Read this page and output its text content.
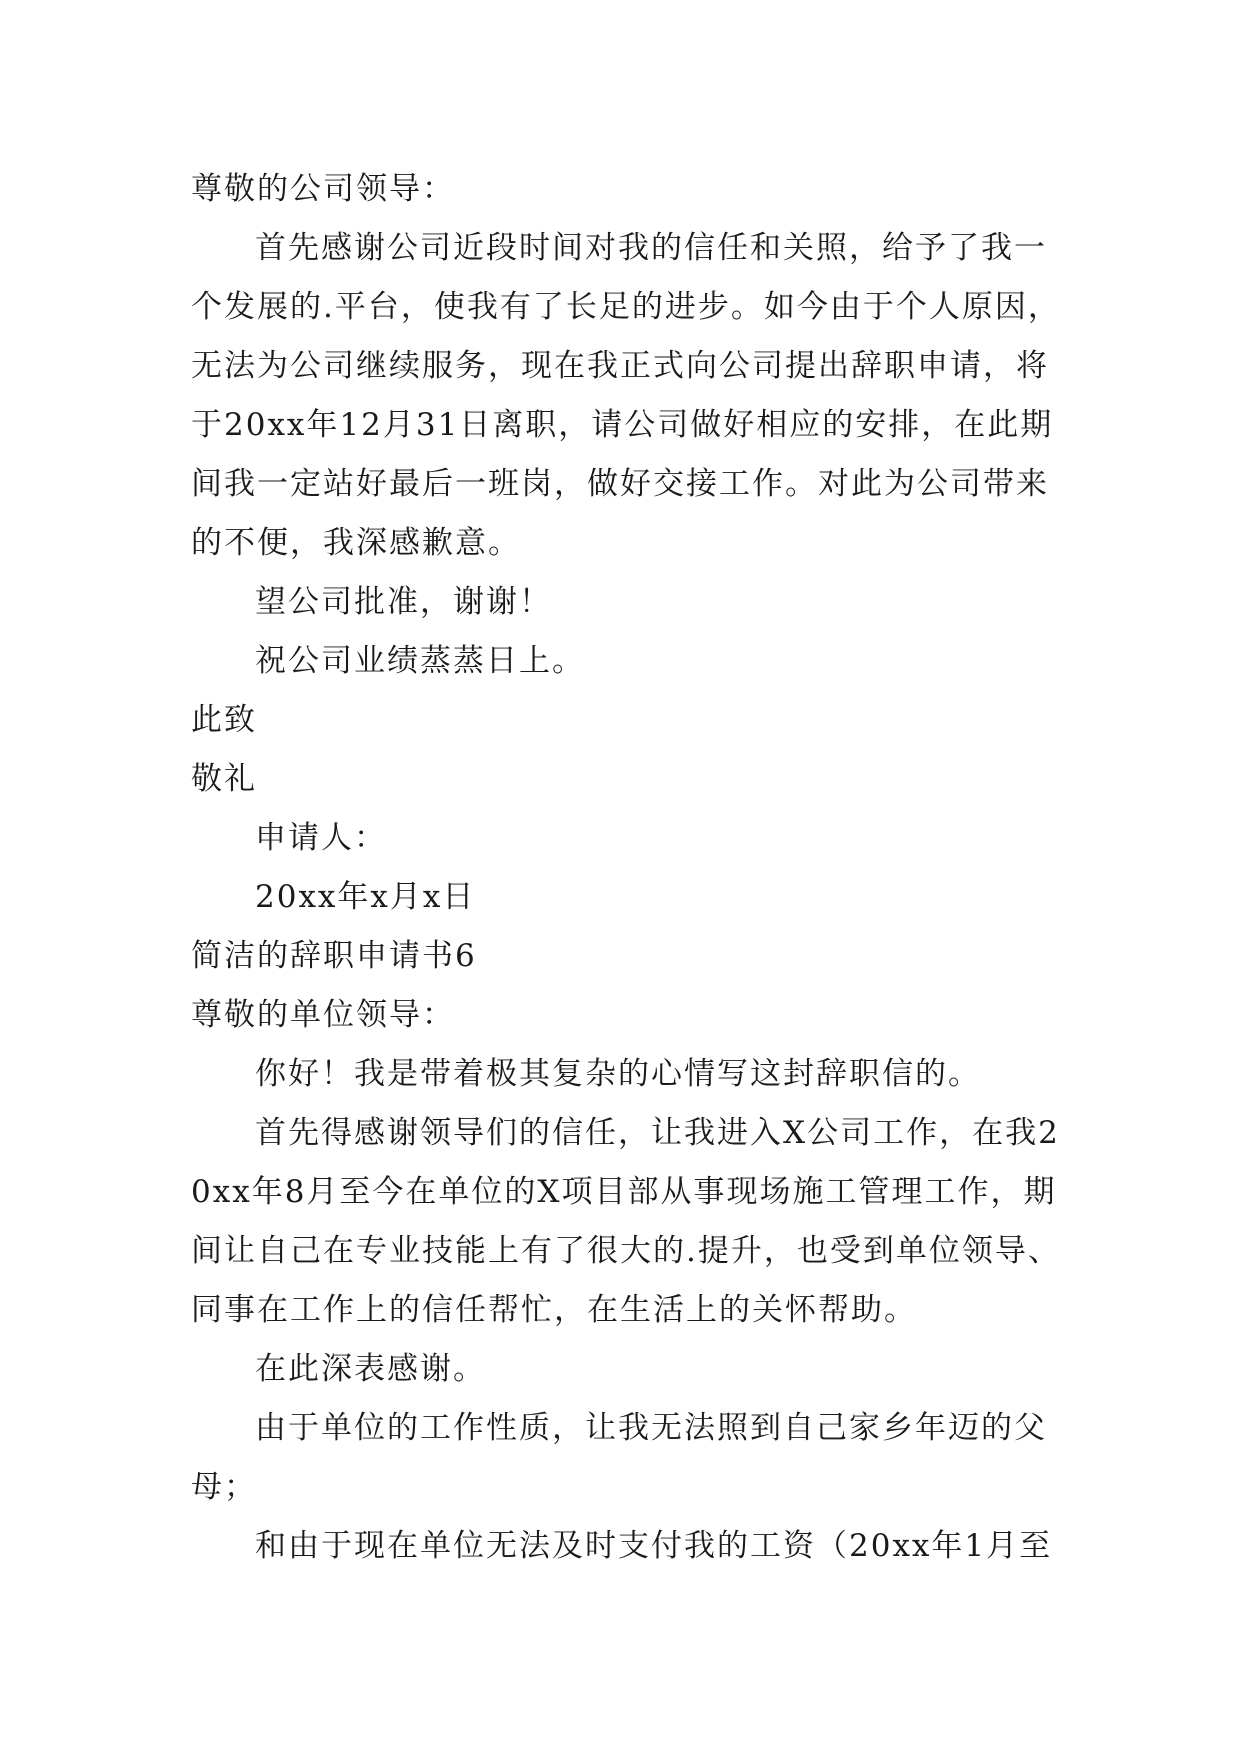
尊敬的公司领导：

首先感谢公司近段时间对我的信任和关照，给予了我一个发展的.平台，使我有了长足的进步。如今由于个人原因，无法为公司继续服务，现在我正式向公司提出辞职申请，将于20xx年12月31日离职，请公司做好相应的安排，在此期间我一定站好最后一班岗，做好交接工作。对此为公司带来的不便，我深感歉意。

望公司批准，谢谢！

祝公司业绩蒸蒸日上。

此致

敬礼

申请人：

20xx年x月x日

简洁的辞职申请书6

尊敬的单位领导：

你好！我是带着极其复杂的心情写这封辞职信的。

首先得感谢领导们的信任，让我进入X公司工作，在我20xx年8月至今在单位的X项目部从事现场施工管理工作，期间让自己在专业技能上有了很大的.提升，也受到单位领导、同事在工作上的信任帮忙，在生活上的关怀帮助。

在此深表感谢。

由于单位的工作性质，让我无法照到自己家乡年迈的父母；

和由于现在单位无法及时支付我的工资（20xx年1月至
